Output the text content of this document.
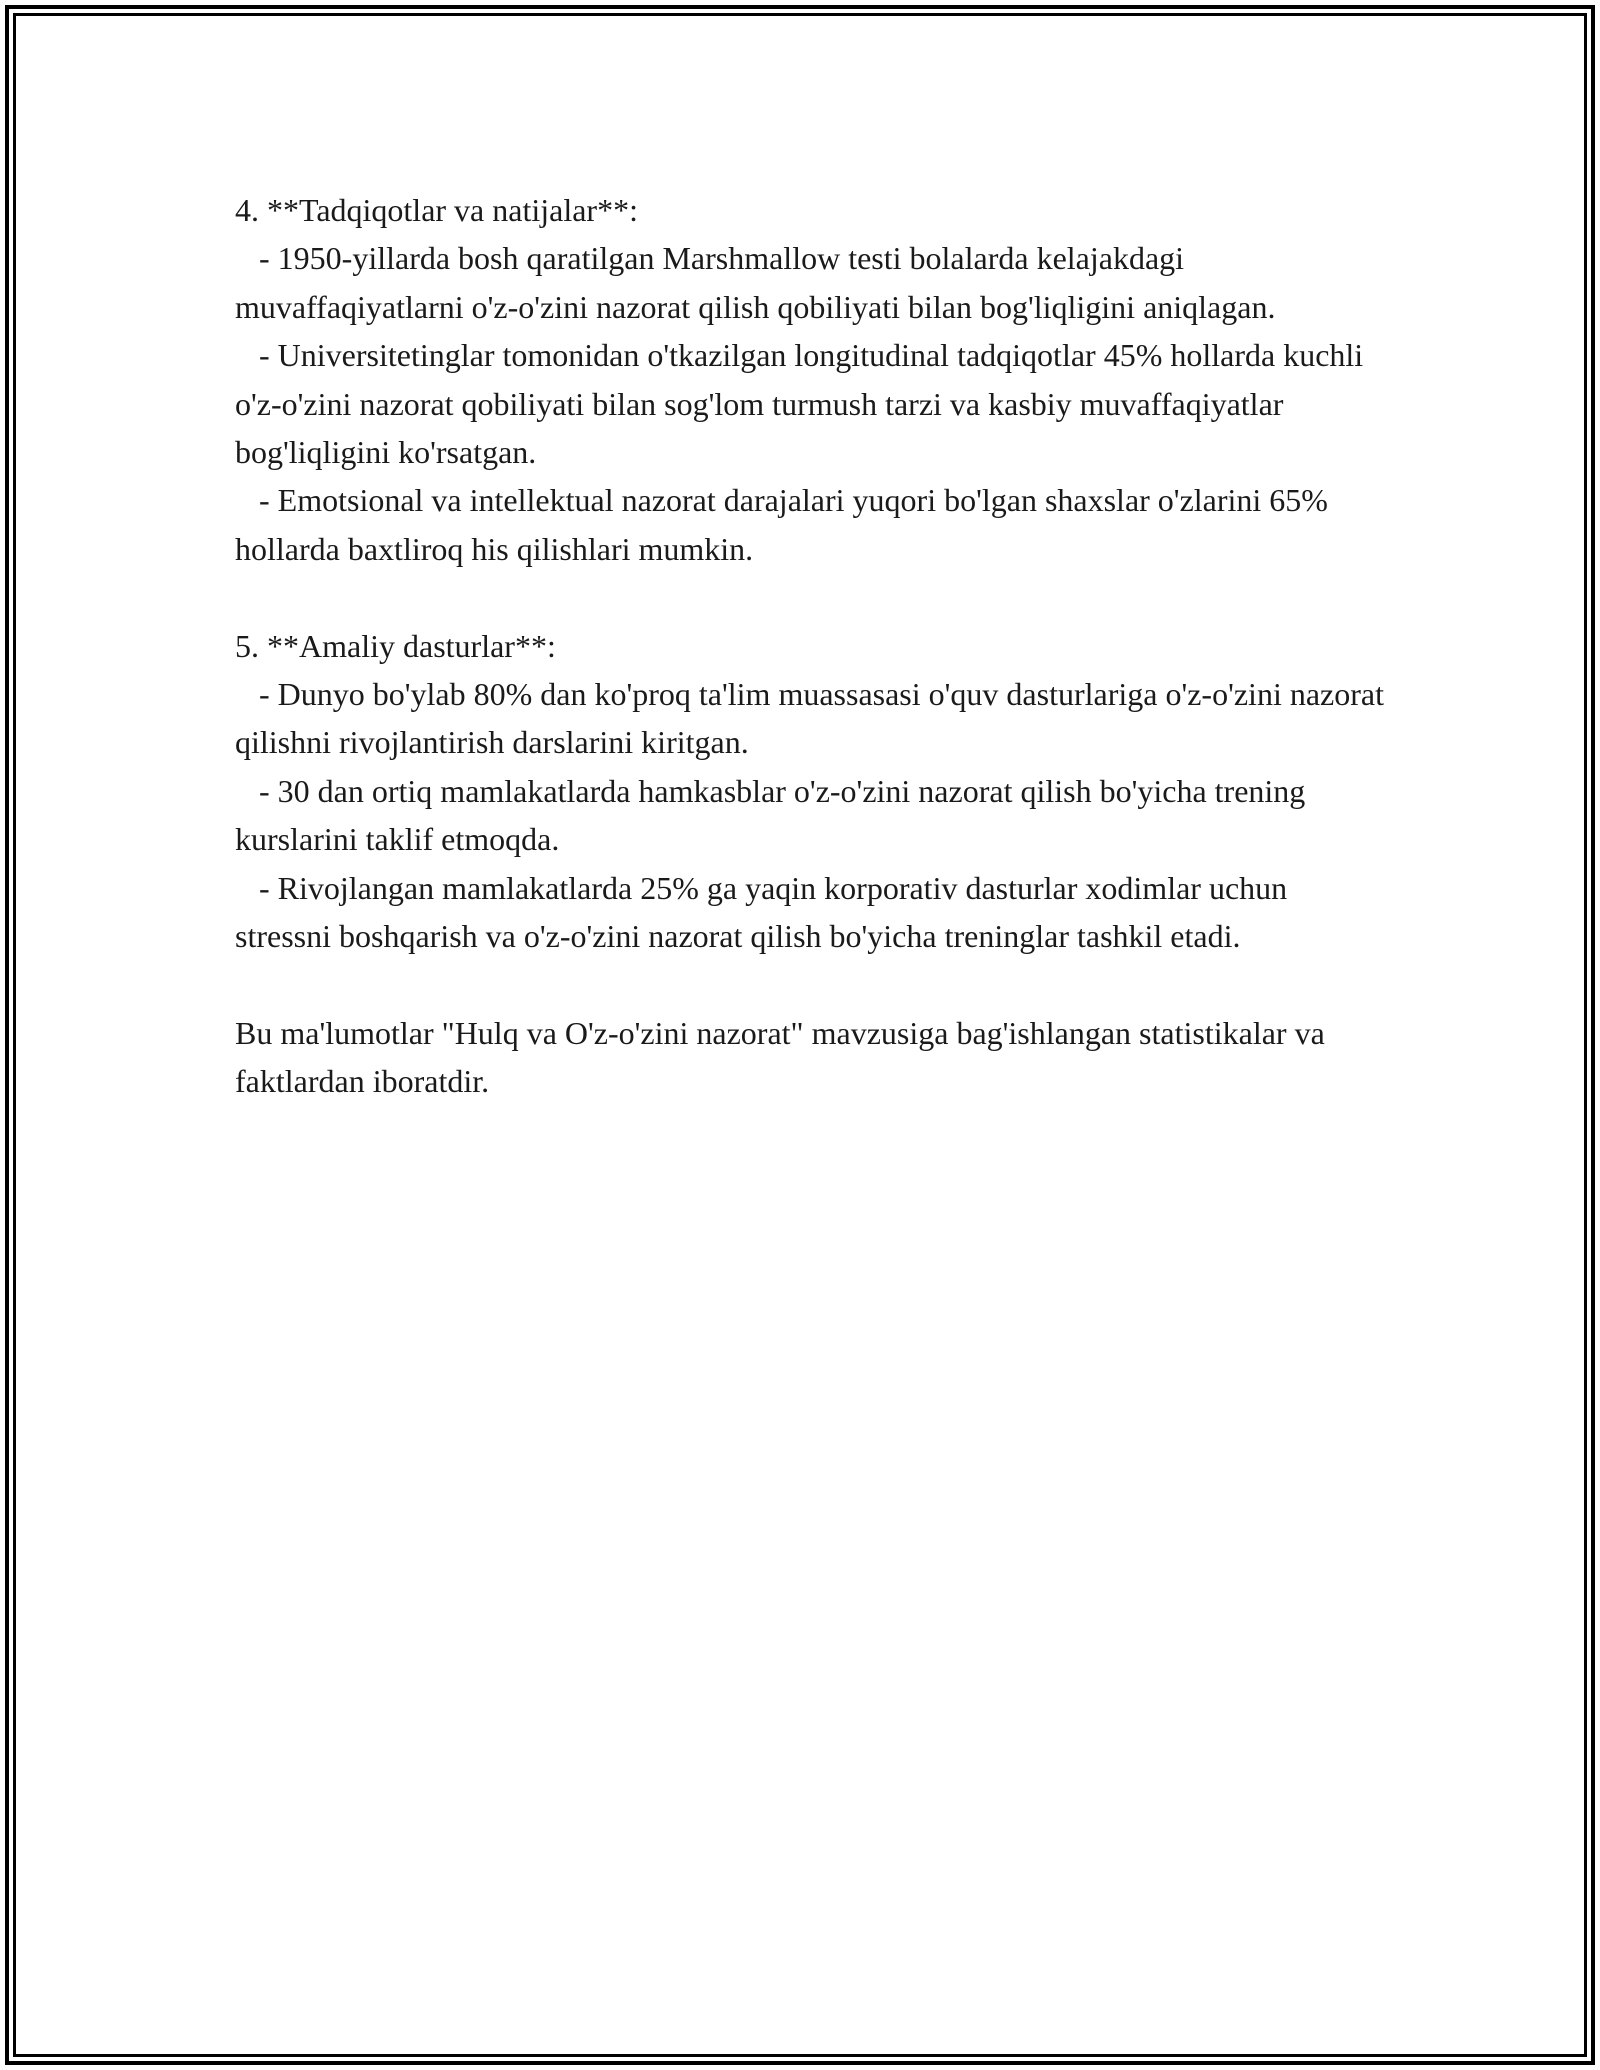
4. **Tadqiqotlar va natijalar**:

- 1950-yillarda bosh qaratilgan Marshmallow testi bolalarda kelajakdagi muvaffaqiyatlarni o'z-o'zini nazorat qilish qobiliyati bilan bog'liqligini aniqlagan.

- Universitetinglar tomonidan o'tkazilgan longitudinal tadqiqotlar 45% hollarda kuchli o'z-o'zini nazorat qobiliyati bilan sog'lom turmush tarzi va kasbiy muvaffaqiyatlar bog'liqligini ko'rsatgan.

- Emotsional va intellektual nazorat darajalari yuqori bo'lgan shaxslar o'zlarini 65% hollarda baxtliroq his qilishlari mumkin.

5. **Amaliy dasturlar**:

- Dunyo bo'ylab 80% dan ko'proq ta'lim muassasasi o'quv dasturlariga o'z-o'zini nazorat qilishni rivojlantirish darslarini kiritgan.

- 30 dan ortiq mamlakatlarda hamkasblar o'z-o'zini nazorat qilish bo'yicha trening kurslarini taklif etmoqda.

- Rivojlangan mamlakatlarda 25% ga yaqin korporativ dasturlar xodimlar uchun stressni boshqarish va o'z-o'zini nazorat qilish bo'yicha treninglar tashkil etadi.

Bu ma'lumotlar "Hulq va O'z-o'zini nazorat" mavzusiga bag'ishlangan statistikalar va faktlardan iboratdir.
